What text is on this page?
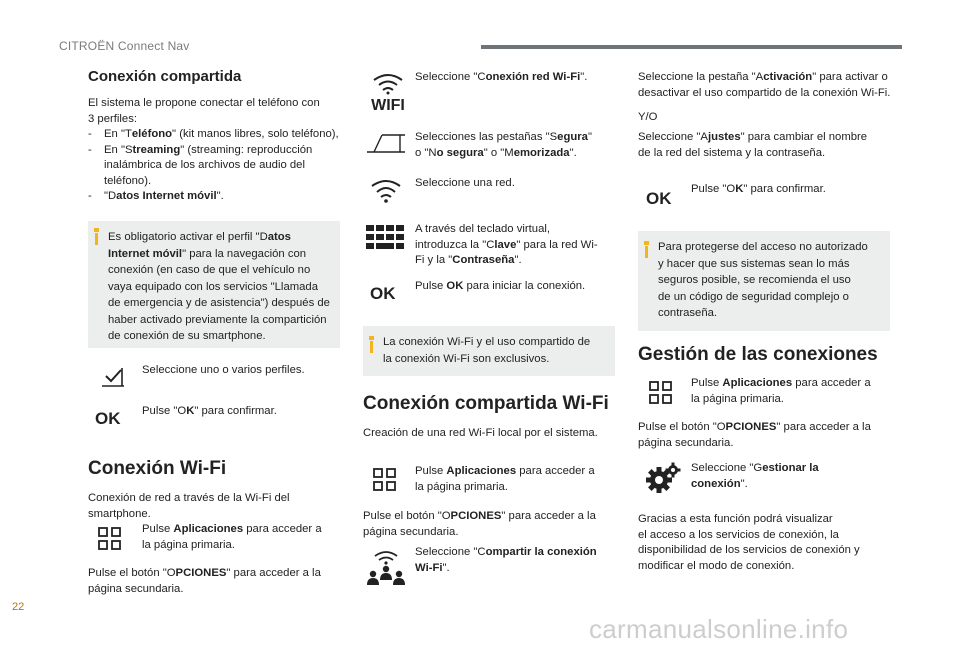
CITROËN Connect Nav
Conexión compartida
El sistema le propone conectar el teléfono con
3 perfiles:
- En "Teléfono" (kit manos libres, solo teléfono),
- En "Streaming" (streaming: reproducción
inalámbrica de los archivos de audio del
teléfono).
- "Datos Internet móvil".
Es obligatorio activar el perfil "Datos
Internet móvil" para la navegación con
conexión (en caso de que el vehículo no
vaya equipado con los servicios "Llamada
de emergencia y de asistencia") después de
haber activado previamente la compartición
de conexión de su smartphone.
Seleccione uno o varios perfiles.
OK Pulse "OK" para confirmar.
Conexión Wi-Fi
Conexión de red a través de la Wi-Fi del
smartphone.
Pulse Aplicaciones para acceder a
la página primaria.
Pulse el botón "OPCIONES" para acceder a la
página secundaria.
WIFI
Seleccione "Conexión red Wi-Fi".
Selecciones las pestañas "Segura"
o "No segura" o "Memorizada".
Seleccione una red.
A través del teclado virtual,
introduzca la "Clave" para la red Wi-
Fi y la "Contraseña".
OK Pulse OK para iniciar la conexión.
La conexión Wi-Fi y el uso compartido de
la conexión Wi-Fi son exclusivos.
Conexión compartida Wi-Fi
Creación de una red Wi-Fi local por el sistema.
Pulse Aplicaciones para acceder a
la página primaria.
Pulse el botón "OPCIONES" para acceder a la
página secundaria.
Seleccione "Compartir la conexión
Wi-Fi".
Seleccione la pestaña "Activación" para activar o
desactivar el uso compartido de la conexión Wi-Fi.
Y/O
Seleccione "Ajustes" para cambiar el nombre
de la red del sistema y la contraseña.
OK Pulse "OK" para confirmar.
Para protegerse del acceso no autorizado
y hacer que sus sistemas sean lo más
seguros posible, se recomienda el uso
de un código de seguridad complejo o
contraseña.
Gestión de las conexiones
Pulse Aplicaciones para acceder a
la página primaria.
Pulse el botón "OPCIONES" para acceder a la
página secundaria.
Seleccione "Gestionar la
conexión".
Gracias a esta función podrá visualizar
el acceso a los servicios de conexión, la
disponibilidad de los servicios de conexión y
modificar el modo de conexión.
22
carmanualsonline.info
